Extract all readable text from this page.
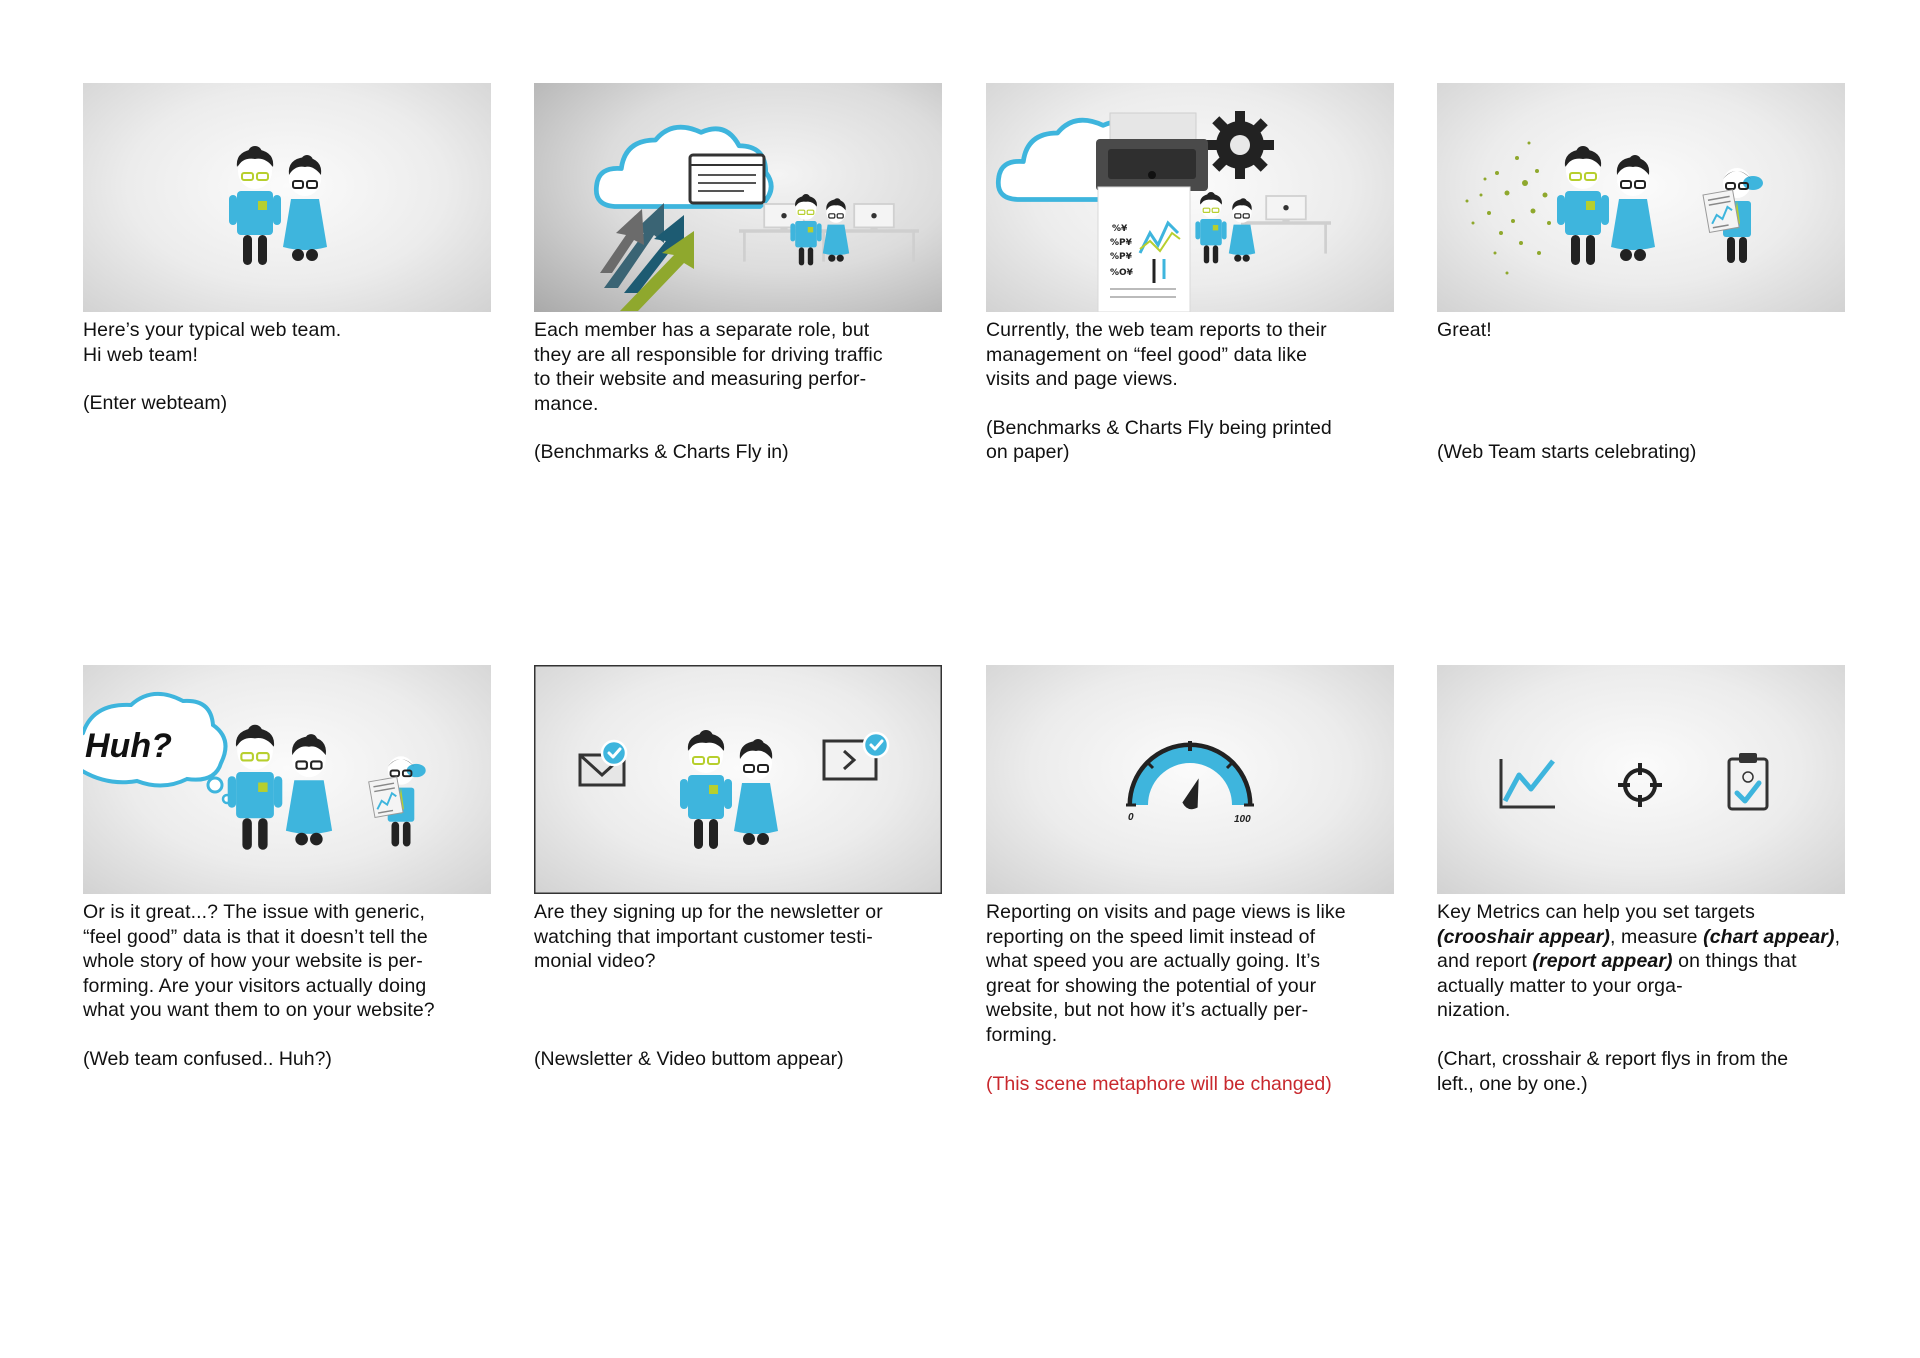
Here’s your typical web team.
Hi web team!
(Enter webteam)
Each member has a separate role, but
they are all responsible for driving traffic
to their website and measuring perfor-
mance.
(Benchmarks & Charts Fly in)
%¥
%P¥
%P¥
%O¥
Currently, the web team reports to their
management on “feel good” data like
visits and page views.
(Benchmarks & Charts Fly being printed
on paper)
Great!
(Web Team starts celebrating)
Huh?
Or is it great...? The issue with generic,
“feel good” data is that it doesn’t tell the
whole story of how your website is per-
forming. Are your visitors actually doing
what you want them to on your website?
(Web team confused.. Huh?)
Are they signing up for the newsletter or
watching that important customer testi-
monial video?
(Newsletter & Video buttom appear)
0	100
Reporting on visits and page views is like
reporting on the speed limit instead of
what speed you are actually going. It’s
great for showing the potential of your
website, but not how it’s actually per-
forming.
(This scene metaphore will be changed)
Key Metrics can help you set targets
(crooshair appear), measure (chart appear), and report (report appear) on things that actually matter to your orga-
nization.
(Chart, crosshair & report flys in from the
left., one by one.)
